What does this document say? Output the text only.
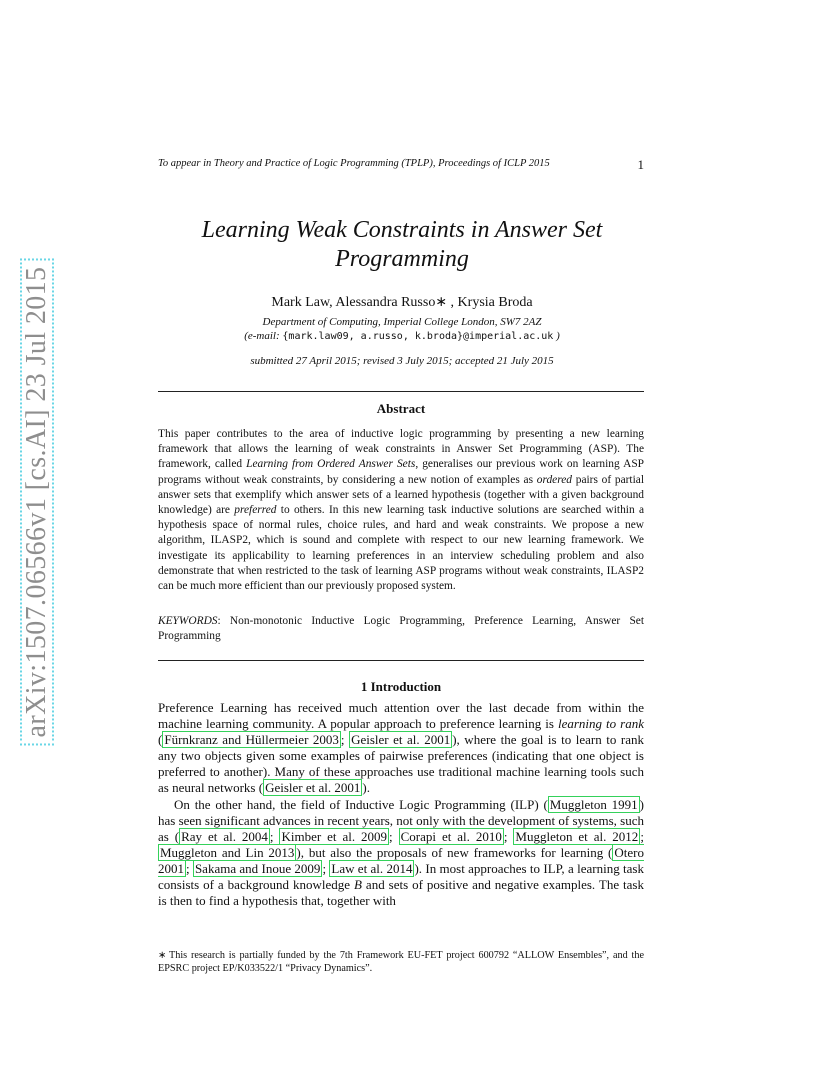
arXiv:1507.06566v1 [cs.AI] 23 Jul 2015
To appear in Theory and Practice of Logic Programming (TPLP), Proceedings of ICLP 2015	1
Learning Weak Constraints in Answer Set
Programming
Mark Law, Alessandra Russo∗ , Krysia Broda
Department of Computing, Imperial College London, SW7 2AZ
(e-mail: {mark.law09, a.russo, k.broda}@imperial.ac.uk )
submitted 27 April 2015; revised 3 July 2015; accepted 21 July 2015
Abstract
This paper contributes to the area of inductive logic programming by presenting a new learning framework that allows the learning of weak constraints in Answer Set Programming (ASP). The framework, called Learning from Ordered Answer Sets, generalises our previous work on learning ASP programs without weak constraints, by considering a new notion of examples as ordered pairs of partial answer sets that exemplify which answer sets of a learned hypothesis (together with a given background knowledge) are preferred to others. In this new learning task inductive solutions are searched within a hypothesis space of normal rules, choice rules, and hard and weak constraints. We propose a new algorithm, ILASP2, which is sound and complete with respect to our new learning framework. We investigate its applicability to learning preferences in an interview scheduling problem and also demonstrate that when restricted to the task of learning ASP programs without weak constraints, ILASP2 can be much more efficient than our previously proposed system.
KEYWORDS: Non-monotonic Inductive Logic Programming, Preference Learning, Answer Set Programming
1 Introduction

Preference Learning has received much attention over the last decade from within the machine learning community. A popular approach to preference learning is learning to rank ( Fürnkranz and Hüllermeier 2003 ; Geisler et al. 2001 ), where the goal is to learn to rank any two objects given some examples of pairwise preferences (indicating that one object is preferred to another). Many of these approaches use traditional machine learning tools such as neural networks ( Geisler et al. 2001 ).

On the other hand, the field of Inductive Logic Programming (ILP) ( Muggleton 1991 ) has seen significant advances in recent years, not only with the development of systems, such as ( Ray et al. 2004 ; Kimber et al. 2009 ; Corapi et al. 2010 ; Muggleton et al. 2012 ; Muggleton and Lin 2013 ), but also the proposals of new frameworks for learning ( Otero 2001 ; Sakama and Inoue 2009 ; Law et al. 2014 ). In most approaches to ILP, a learning task consists of a background knowledge B and sets of positive and negative examples. The task is then to find a hypothesis that, together with

∗ This research is partially funded by the 7th Framework EU-FET project 600792 “ALLOW Ensembles”, and the EPSRC project EP/K033522/1 “Privacy Dynamics”.
